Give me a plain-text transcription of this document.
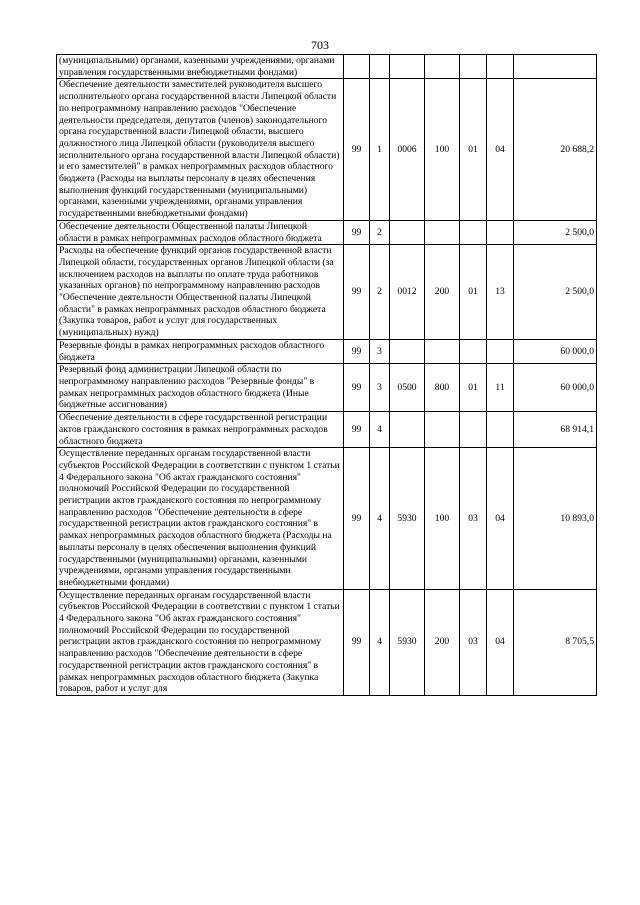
703
(муниципальными) органами, казенными учреждениями, органами управления государственными внебюджетными фондами)							
Обеспечение деятельности заместителей руководителя высшего исполнительного органа государственной власти Липецкой области по непрограммному направлению расходов "Обеспечение деятельности председателя, депутатов (членов) законодательного органа государственной власти Липецкой области, высшего должностного лица Липецкой области (руководителя высшего исполнительного органа государственной власти Липецкой области) и его заместителей" в рамках непрограммных расходов областного бюджета (Расходы на выплаты персоналу в целях обеспечения выполнения функций государственными (муниципальными) органами, казенными учреждениями, органами управления государственными внебюджетными фондами)	99	1	0006	100	01	04	20 688,2
Обеспечение деятельности Общественной палаты Липецкой области в рамках непрограммных расходов областного бюджета	99	2					2 500,0
Расходы на обеспечение функций органов государственной власти Липецкой области, государственных органов Липецкой области (за исключением расходов на выплаты по оплате труда работников указанных органов) по непрограммному направлению расходов "Обеспечение деятельности Общественной палаты Липецкой области" в рамках непрограммных расходов областного бюджета (Закупка товаров, работ и услуг для государственных (муниципальных) нужд)	99	2	0012	200	01	13	2 500,0
Резервные фонды в рамках непрограммных расходов областного бюджета	99	3					60 000,0
Резервный фонд администрации Липецкой области по непрограммному направлению расходов "Резервные фонды" в рамках непрограммных расходов областного бюджета (Иные бюджетные ассигнования)	99	3	0500	800	01	11	60 000,0
Обеспечение деятельности в сфере государственной регистрации актов гражданского состояния в рамках непрограммных расходов областного бюджета	99	4					68 914,1
Осуществление переданных органам государственной власти субъектов Российской Федерации в соответствии с пунктом 1 статьи 4 Федерального закона "Об актах гражданского состояния" полномочий Российской Федерации по государственной регистрации актов гражданского состояния по непрограммному направлению расходов "Обеспечение деятельности в сфере государственной регистрации актов гражданского состояния" в рамках непрограммных расходов областного бюджета (Расходы на выплаты персоналу в целях обеспечения выполнения функций государственными (муниципальными) органами, казенными учреждениями, органами управления государственными внебюджетными фондами)	99	4	5930	100	03	04	10 893,0
Осуществление переданных органам государственной власти субъектов Российской Федерации в соответствии с пунктом 1 статьи 4 Федерального закона "Об актах гражданского состояния" полномочий Российской Федерации по государственной регистрации актов гражданского состояния по непрограммному направлению расходов "Обеспечение деятельности в сфере государственной регистрации актов гражданского состояния" в рамках непрограммных расходов областного бюджета (Закупка товаров, работ и услуг для	99	4	5930	200	03	04	8 705,5
